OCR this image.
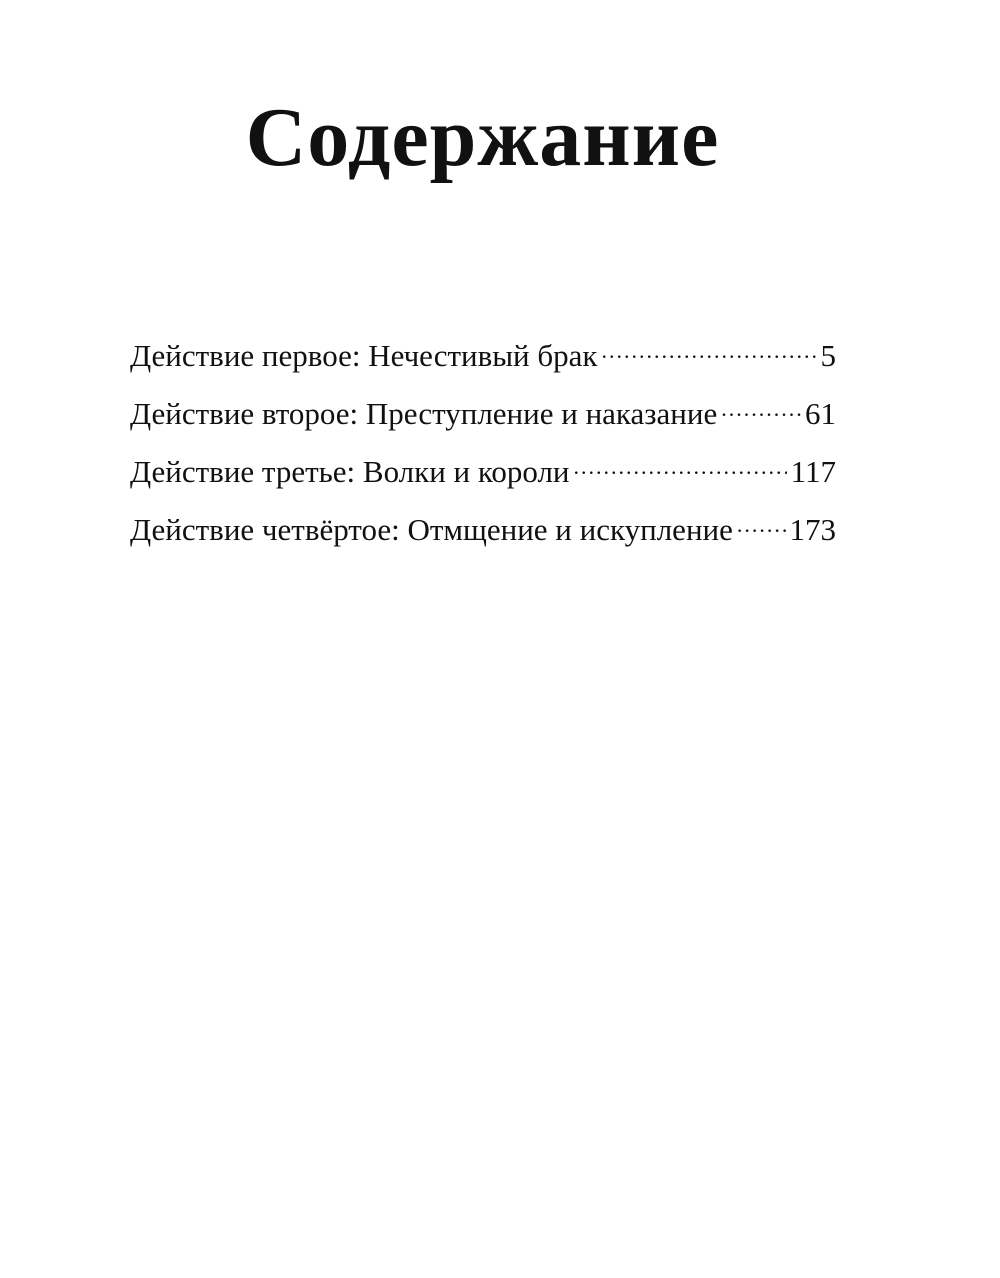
Содержание
Действие первое: Нечестивый брак .....	5
Действие второе: Преступление и наказание .....	61
Действие третье: Волки и короли .....	117
Действие четвёртое: Отмщение и искупление ..... 173
